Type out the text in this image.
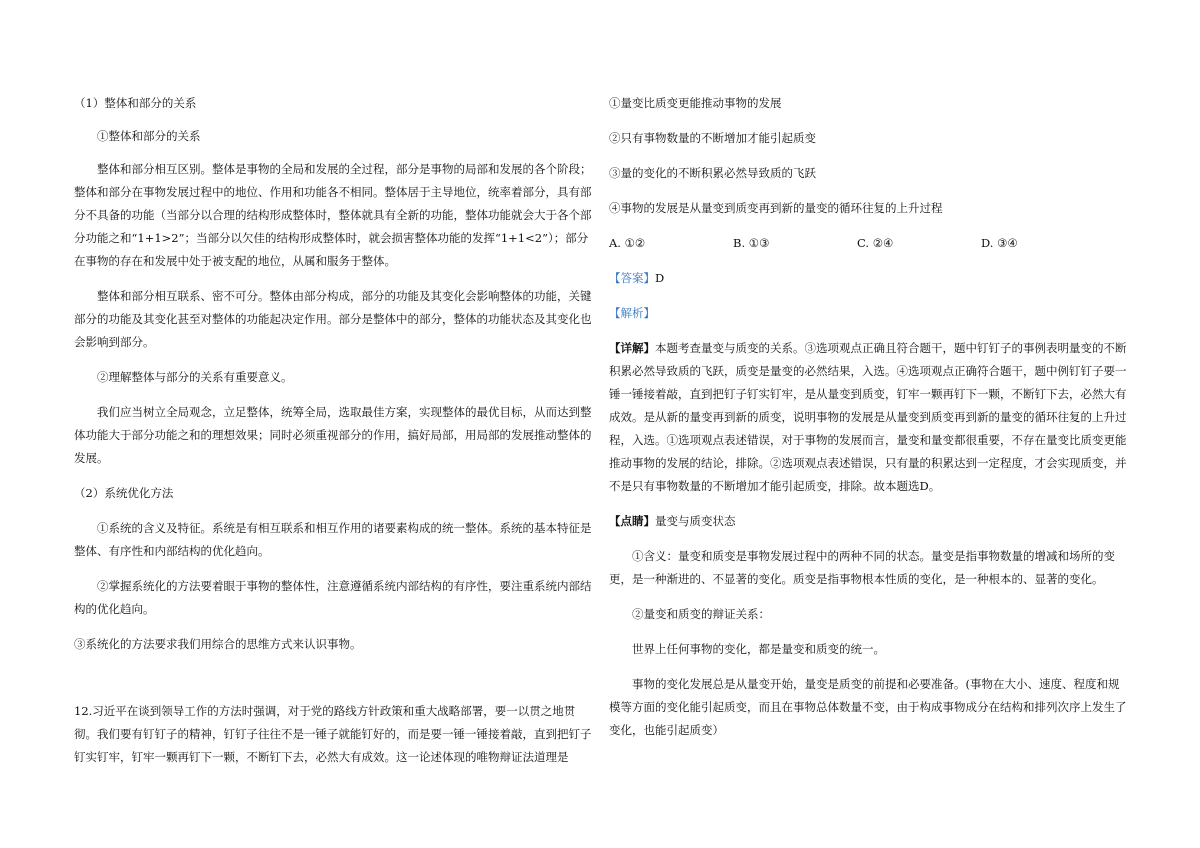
（1）整体和部分的关系

①整体和部分的关系

整体和部分相互区别。整体是事物的全局和发展的全过程，部分是事物的局部和发展的各个阶段；整体和部分在事物发展过程中的地位、作用和功能各不相同。整体居于主导地位，统率着部分，具有部分不具备的功能（当部分以合理的结构形成整体时，整体就具有全新的功能，整体功能就会大于各个部分功能之和“1+1>2”；当部分以欠佳的结构形成整体时，就会损害整体功能的发挥“1+1<2”）；部分在事物的存在和发展中处于被支配的地位，从属和服务于整体。

整体和部分相互联系、密不可分。整体由部分构成，部分的功能及其变化会影响整体的功能，关键部分的功能及其变化甚至对整体的功能起决定作用。部分是整体中的部分，整体的功能状态及其变化也会影响到部分。

②理解整体与部分的关系有重要意义。

我们应当树立全局观念，立足整体，统筹全局，选取最佳方案，实现整体的最优目标，从而达到整体功能大于部分功能之和的理想效果；同时必须重视部分的作用，搞好局部，用局部的发展推动整体的发展。

（2）系统优化方法

①系统的含义及特征。系统是有相互联系和相互作用的诸要素构成的统一整体。系统的基本特征是整体、有序性和内部结构的优化趋向。

②掌握系统化的方法要着眼于事物的整体性，注意遵循系统内部结构的有序性，要注重系统内部结构的优化趋向。

③系统化的方法要求我们用综合的思维方式来认识事物。

12.习近平在谈到领导工作的方法时强调，对于党的路线方针政策和重大战略部署，要一以贯之地贯彻。我们要有钉钉子的精神，钉钉子往往不是一锤子就能钉好的，而是要一锤一锤接着敲，直到把钉子钉实钉牢，钉牢一颗再钉下一颗，不断钉下去，必然大有成效。这一论述体现的唯物辩证法道理是

①量变比质变更能推动事物的发展

②只有事物数量的不断增加才能引起质变

③量的变化的不断积累必然导致质的飞跃

④事物的发展是从量变到质变再到新的量变的循环往复的上升过程

A. ①②	B. ①③	C. ②④	D. ③④

【答案】D

【解析】

【详解】本题考查量变与质变的关系。③选项观点正确且符合题干，题中钉钉子的事例表明量变的不断积累必然导致质的飞跃，质变是量变的必然结果，入选。④选项观点正确符合题干，题中例钉钉子要一锤一锤接着敲，直到把钉子钉实钉牢，是从量变到质变，钉牢一颗再钉下一颗，不断钉下去，必然大有成效。是从新的量变再到新的质变，说明事物的发展是从量变到质变再到新的量变的循环往复的上升过程，入选。①选项观点表述错误，对于事物的发展而言，量变和量变都很重要，不存在量变比质变更能推动事物的发展的结论，排除。②选项观点表述错误，只有量的积累达到一定程度，才会实现质变，并不是只有事物数量的不断增加才能引起质变，排除。故本题选D。

【点睛】量变与质变状态

①含义：量变和质变是事物发展过程中的两种不同的状态。量变是指事物数量的增减和场所的变更，是一种渐进的、不显著的变化。质变是指事物根本性质的变化，是一种根本的、显著的变化。

②量变和质变的辩证关系：

世界上任何事物的变化，都是量变和质变的统一。

事物的变化发展总是从量变开始，量变是质变的前提和必要准备。(事物在大小、速度、程度和规模等方面的变化能引起质变，而且在事物总体数量不变，由于构成事物成分在结构和排列次序上发生了变化，也能引起质变）
